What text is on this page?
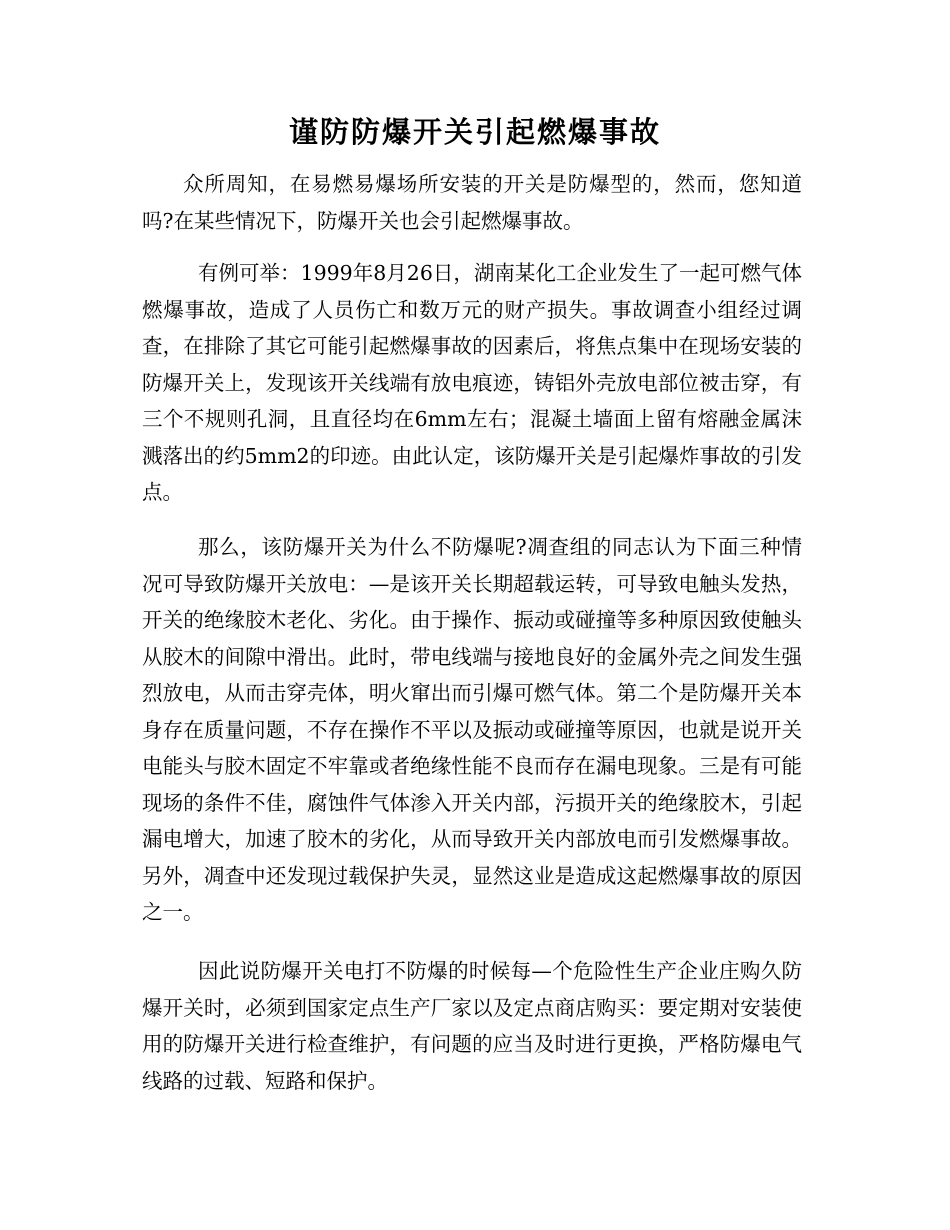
谨防防爆开关引起燃爆事故
众所周知，在易燃易爆场所安装的开关是防爆型的，然而，您知道吗?在某些情况下，防爆开关也会引起燃爆事故。
有例可举：1999年8月26日，湖南某化工企业发生了一起可燃气体燃爆事故，造成了人员伤亡和数万元的财产损失。事故调查小组经过调查，在排除了其它可能引起燃爆事故的因素后，将焦点集中在现场安装的防爆开关上，发现该开关线端有放电痕迹，铸铝外壳放电部位被击穿，有三个不规则孔洞，且直径均在6mm左右；混凝土墙面上留有熔融金属沫溅落出的约5mm2的印迹。由此认定，该防爆开关是引起爆炸事故的引发点。
那么，该防爆开关为什么不防爆呢?凋查组的同志认为下面三种情况可导致防爆开关放电：—是该开关长期超载运转，可导致电触头发热，开关的绝缘胶木老化、劣化。由于操作、振动或碰撞等多种原因致使触头从胶木的间隙中滑出。此时，带电线端与接地良好的金属外壳之间发生强烈放电，从而击穿壳体，明火窜出而引爆可燃气体。第二个是防爆开关本身存在质量问题，不存在操作不平以及振动或碰撞等原因，也就是说开关电能头与胶木固定不牢靠或者绝缘性能不良而存在漏电现象。三是有可能现场的条件不佳，腐蚀件气体渗入开关内部，污损开关的绝缘胶木，引起漏电增大，加速了胶木的劣化，从而导致开关内部放电而引发燃爆事故。另外，凋查中还发现过载保护失灵，显然这业是造成这起燃爆事故的原因之一。
因此说防爆开关电打不防爆的时候每—个危险性生产企业庄购久防爆开关时，必须到国家定点生产厂家以及定点商店购买：要定期对安装使用的防爆开关进行检查维护，有问题的应当及时进行更换，严格防爆电气线路的过载、短路和保护。
